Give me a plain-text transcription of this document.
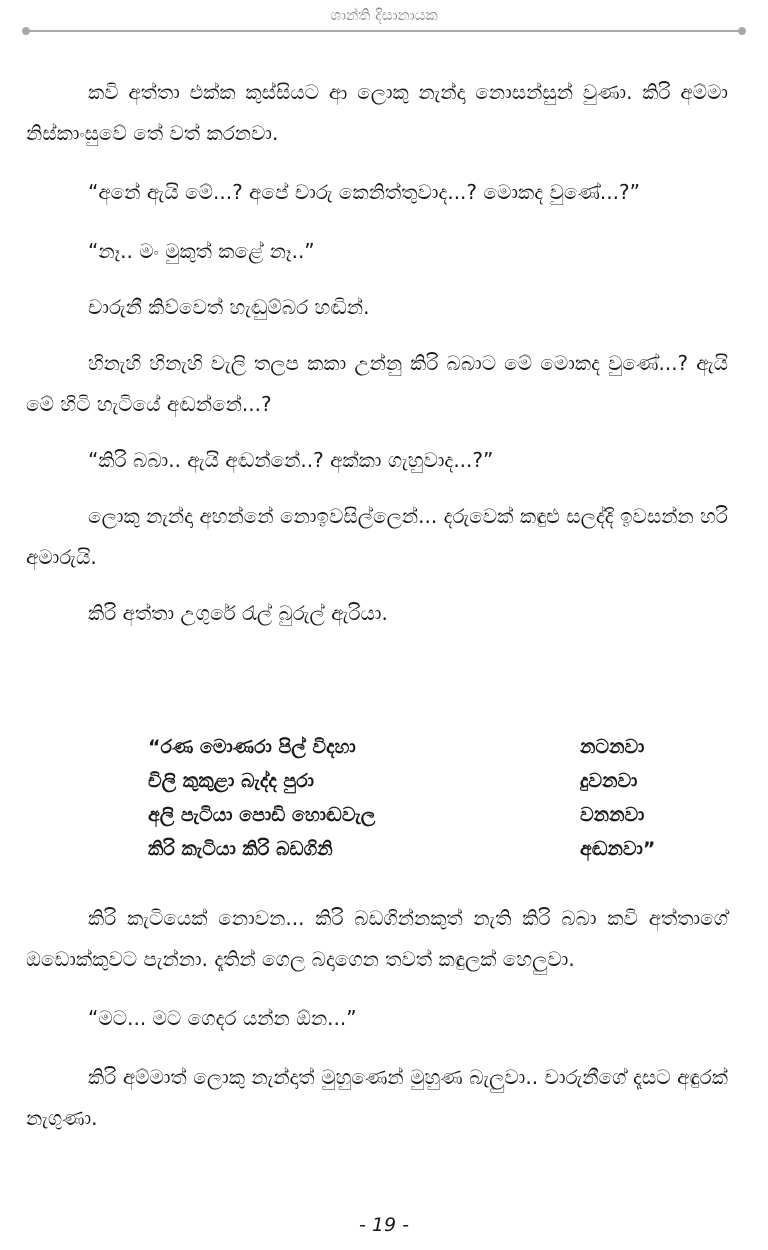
ශාන්ති දිසානායක

කවි අත්තා එක්ක කුස්සියට ආ ලොකු නැන්දා නොසන්සුන් වුණා. කිරි අම්මා නිස්කාංසුවේ තේ වත් කරනවා.

“අනේ ඇයි මේ...? අපේ චාරු කෙනිත්තුවාද...? මොකද වුණේ...?”

“නෑ.. මං මුකුත් කළේ නෑ..”

චාරුනී කිව්වෙත් හැඬුම්බර හඬින්.

හිනැහි හිනැහි වැලි තලප කකා උන්නු කිරි බබාට මේ මොකද වුණේ...? ඇයි මේ හිටි හැටියේ අඬන්නේ...?

“කිරි බබා.. ඇයි අඬන්නේ..? අක්කා ගැහුවාද...?”

ලොකු නැන්දා අහන්නේ නොඉවසිල්ලෙන්... දරුවෙක් කඳුළු සලද්දි ඉවසන්න හරි අමාරුයි.

කිරි අත්තා උගුරේ රැල් බුරුල් ඇරියා.

“රණ මොණරා පිල් විදහා	නටනවා
චිලි කුකුළා බැද්ද පුරා	දුවනවා
අලි පැටියා පොඩි හොඬවැල	වනනවා
කිරි කැටියා කිරි බඩගිනි	අඬනවා”

කිරි කැටියෙක් නොවන... කිරි බඩගින්නකුත් නැති කිරි බබා කවි අත්තාගේ ඔඩොක්කුවට පැන්නා. දෑතින් ගෙල බදාගෙන තවත් කඳුලක් හෙලුවා.

“මට... මට ගෙදර යන්න ඕන...”

කිරි අම්මාත් ලොකු නැන්දාත් මුහුණෙන් මුහුණ බැලුවා.. චාරුනීගේ දෑසට අඳුරක් නැගුණා.

- 19 -
